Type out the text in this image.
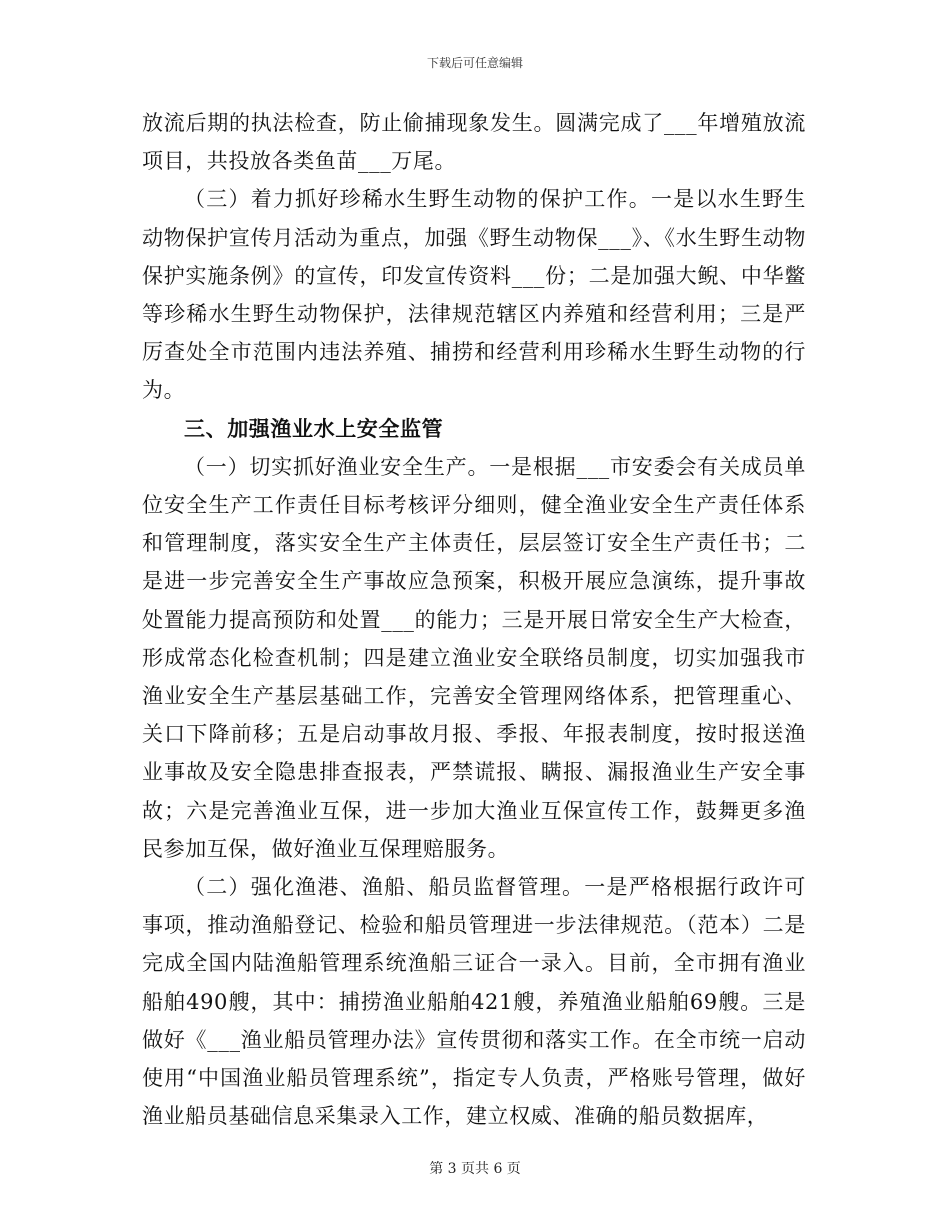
下载后可任意编辑

放流后期的执法检查，防止偷捕现象发生。圆满完成了___年增殖放流项目，共投放各类鱼苗___万尾。

（三）着力抓好珍稀水生野生动物的保护工作。一是以水生野生动物保护宣传月活动为重点，加强《野生动物保___》、《水生野生动物保护实施条例》的宣传，印发宣传资料___份；二是加强大鲵、中华鳖等珍稀水生野生动物保护，法律规范辖区内养殖和经营利用；三是严厉查处全市范围内违法养殖、捕捞和经营利用珍稀水生野生动物的行为。

三、加强渔业水上安全监管

（一）切实抓好渔业安全生产。一是根据___市安委会有关成员单位安全生产工作责任目标考核评分细则，健全渔业安全生产责任体系和管理制度，落实安全生产主体责任，层层签订安全生产责任书；二是进一步完善安全生产事故应急预案，积极开展应急演练，提升事故处置能力提高预防和处置___的能力；三是开展日常安全生产大检查，形成常态化检查机制；四是建立渔业安全联络员制度，切实加强我市渔业安全生产基层基础工作，完善安全管理网络体系，把管理重心、关口下降前移；五是启动事故月报、季报、年报表制度，按时报送渔业事故及安全隐患排查报表，严禁谎报、瞒报、漏报渔业生产安全事故；六是完善渔业互保，进一步加大渔业互保宣传工作，鼓舞更多渔民参加互保，做好渔业互保理赔服务。

（二）强化渔港、渔船、船员监督管理。一是严格根据行政许可事项，推动渔船登记、检验和船员管理进一步法律规范。（范本）二是完成全国内陆渔船管理系统渔船三证合一录入。目前，全市拥有渔业船舶490艘，其中：捕捞渔业船舶421艘，养殖渔业船舶69艘。三是做好《___渔业船员管理办法》宣传贯彻和落实工作。在全市统一启动使用“中国渔业船员管理系统”，指定专人负责，严格账号管理，做好渔业船员基础信息采集录入工作，建立权威、准确的船员数据库，

第 3 页共 6 页
